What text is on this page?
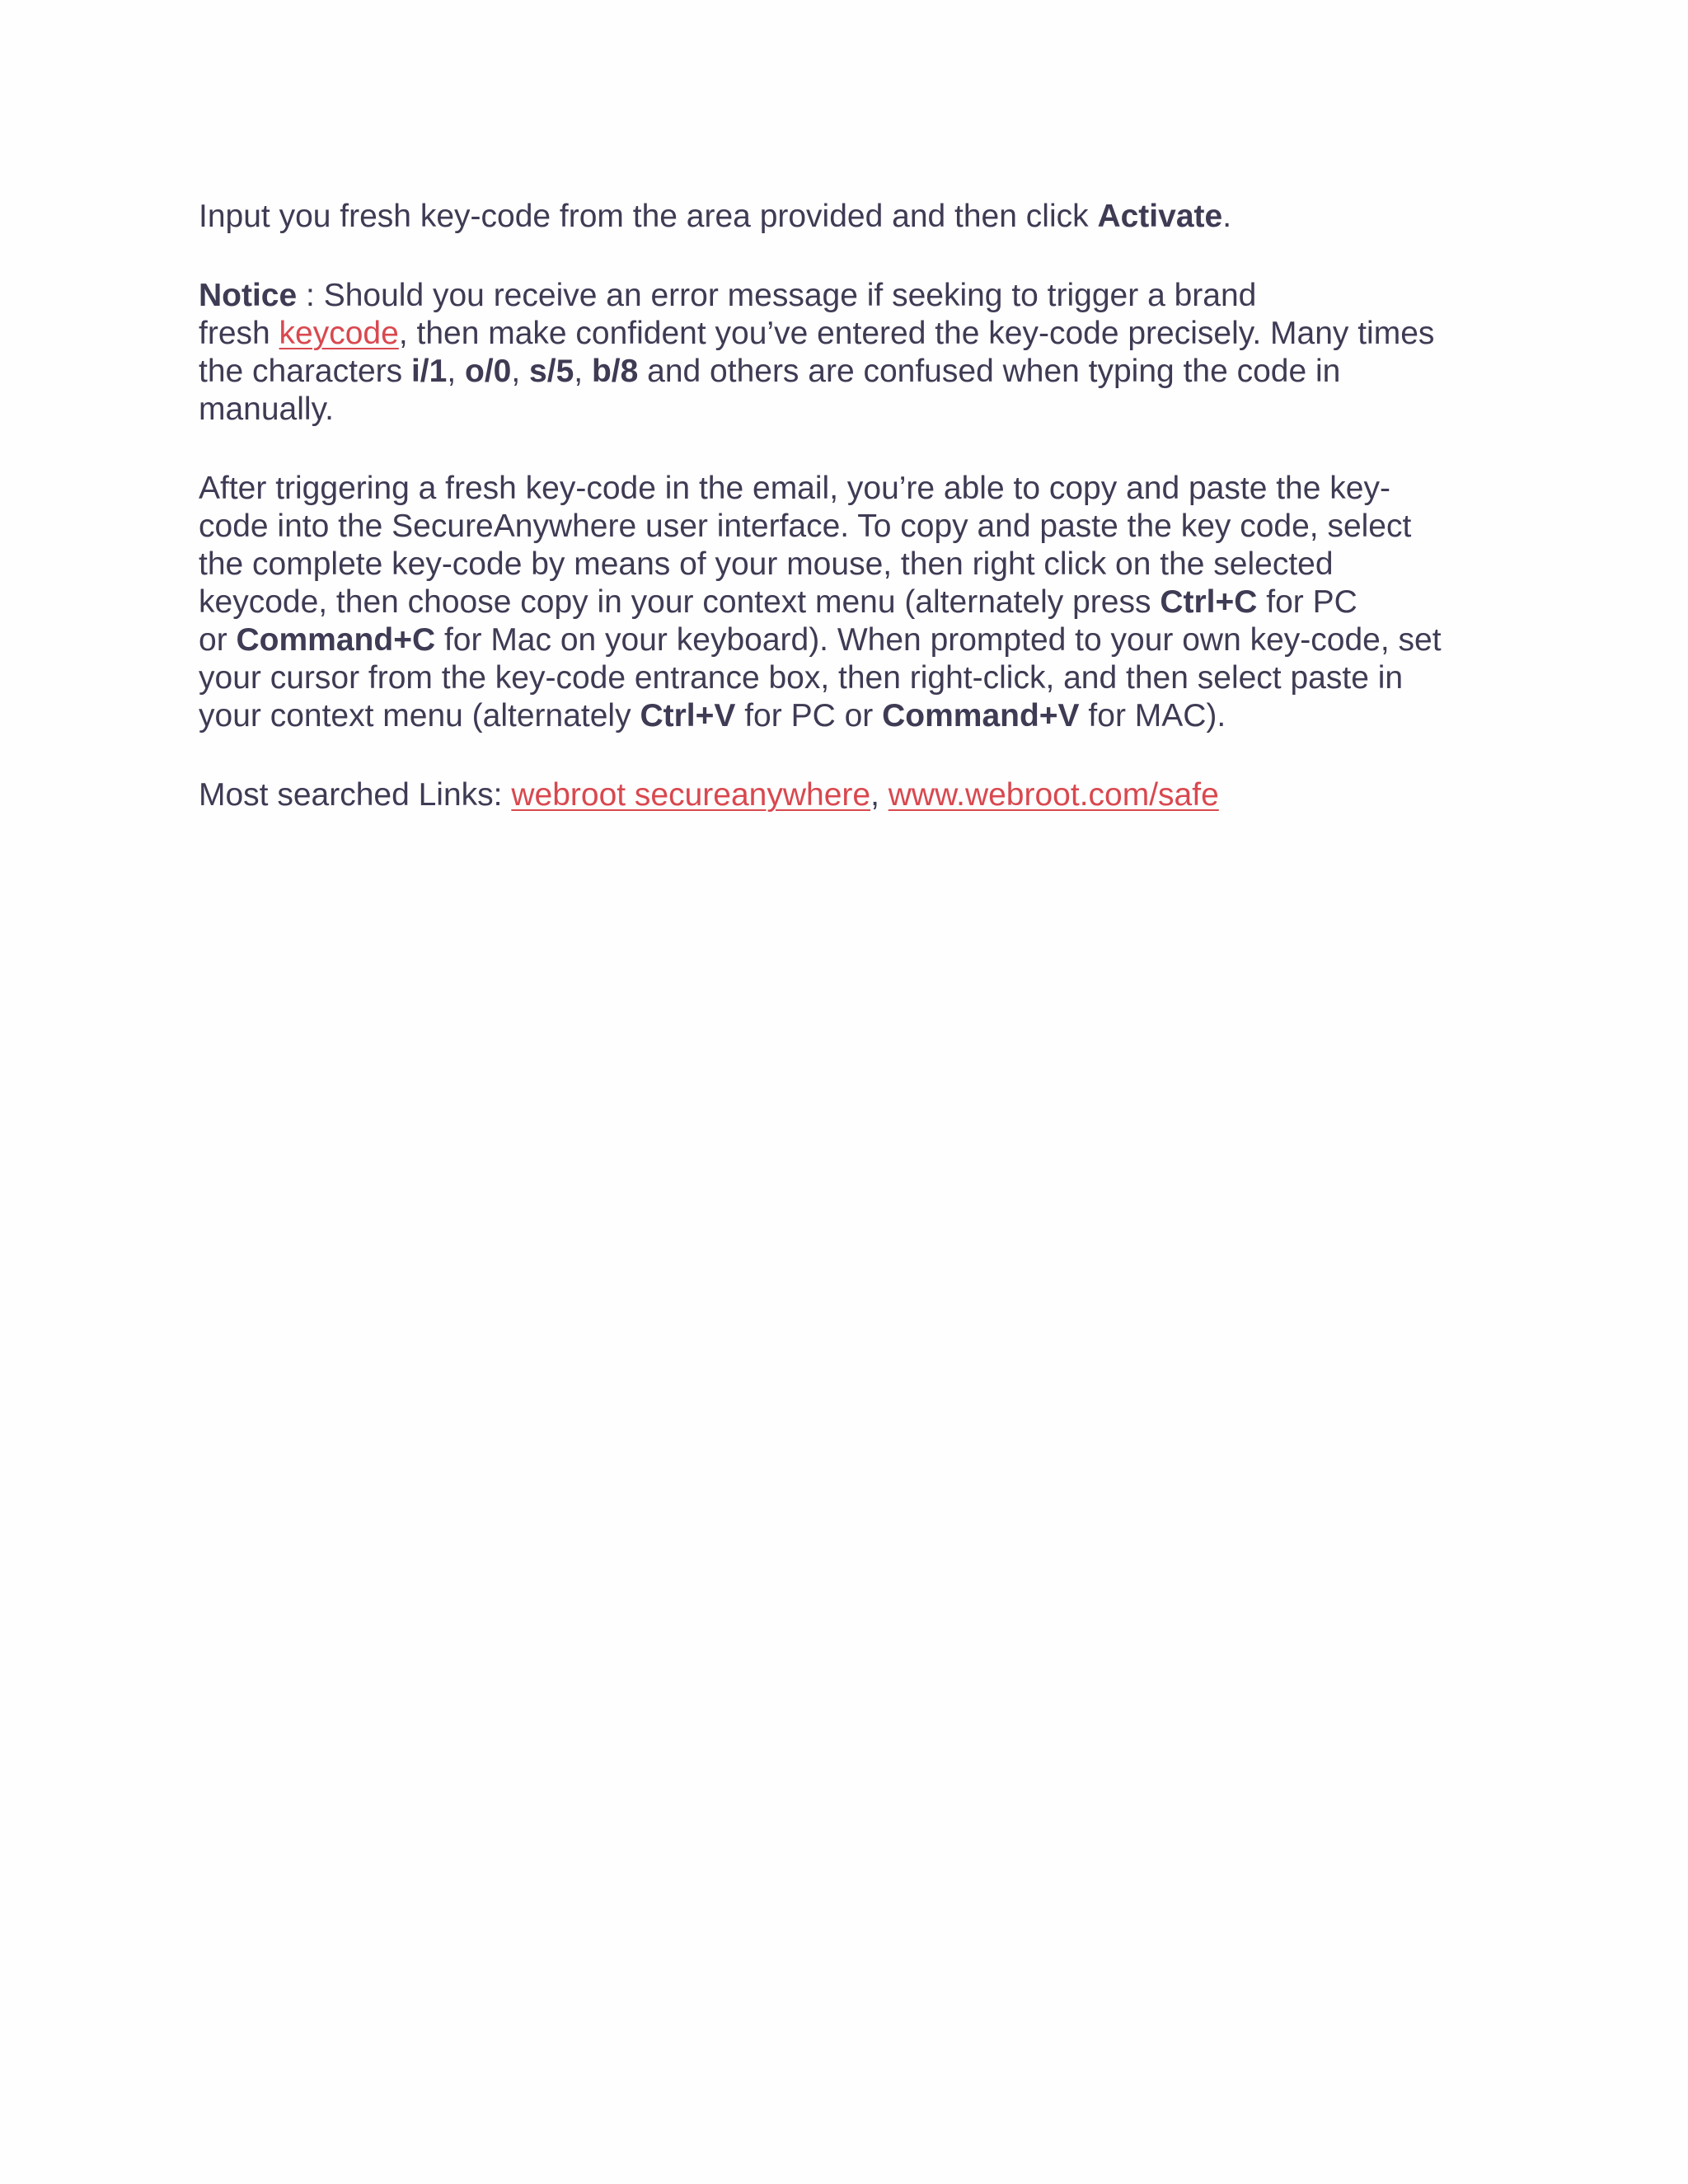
Input you fresh key-code from the area provided and then click Activate.

Notice : Should you receive an error message if seeking to trigger a brand
fresh keycode, then make confident you’ve entered the key-code precisely. Many times
the characters i/1, o/0, s/5, b/8 and others are confused when typing the code in
manually.

After triggering a fresh key-code in the email, you’re able to copy and paste the key-
code into the SecureAnywhere user interface. To copy and paste the key code, select
the complete key-code by means of your mouse, then right click on the selected
keycode, then choose copy in your context menu (alternately press Ctrl+C for PC
or Command+C for Mac on your keyboard). When prompted to your own key-code, set
your cursor from the key-code entrance box, then right-click, and then select paste in
your context menu (alternately Ctrl+V for PC or Command+V for MAC).

Most searched Links: webroot secureanywhere, www.webroot.com/safe
